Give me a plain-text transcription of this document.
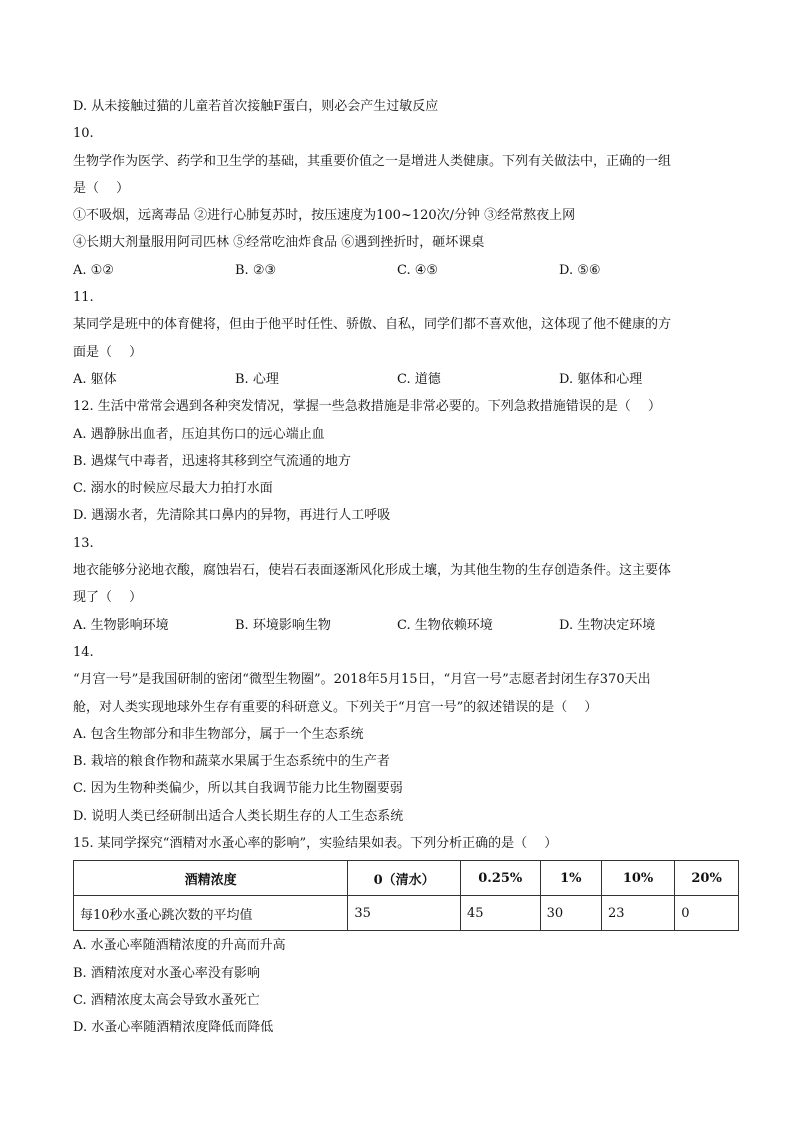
D. 从未接触过猫的儿童若首次接触F蛋白，则必会产生过敏反应
10.
生物学作为医学、药学和卫生学的基础，其重要价值之一是增进人类健康。下列有关做法中，正确的一组
是（　 ）
①不吸烟，远离毒品 ②进行心肺复苏时，按压速度为100~120次/分钟 ③经常熬夜上网
④长期大剂量服用阿司匹林 ⑤经常吃油炸食品 ⑥遇到挫折时，砸坏课桌
A. ①②	B. ②③	C. ④⑤	D. ⑤⑥
11.
某同学是班中的体育健将，但由于他平时任性、骄傲、自私，同学们都不喜欢他，这体现了他不健康的方
面是（　 ）
A. 躯体	B. 心理	C. 道德	D. 躯体和心理
12. 生活中常常会遇到各种突发情况，掌握一些急救措施是非常必要的。下列急救措施错误的是（　 ）
A. 遇静脉出血者，压迫其伤口的远心端止血
B. 遇煤气中毒者，迅速将其移到空气流通的地方
C. 溺水的时候应尽最大力拍打水面
D. 遇溺水者，先清除其口鼻内的异物，再进行人工呼吸
13.
地衣能够分泌地衣酸，腐蚀岩石，使岩石表面逐渐风化形成土壤，为其他生物的生存创造条件。这主要体
现了（　 ）
A. 生物影响环境	B. 环境影响生物	C. 生物依赖环境	D. 生物决定环境
14.
“月宫一号”是我国研制的密闭“微型生物圈”。2018年5月15日，“月宫一号”志愿者封闭生存370天出
舱，对人类实现地球外生存有重要的科研意义。下列关于“月宫一号”的叙述错误的是（　 ）
A. 包含生物部分和非生物部分，属于一个生态系统
B. 栽培的粮食作物和蔬菜水果属于生态系统中的生产者
C. 因为生物种类偏少，所以其自我调节能力比生物圈要弱
D. 说明人类已经研制出适合人类长期生存的人工生态系统
15. 某同学探究“酒精对水蚤心率的影响”，实验结果如表。下列分析正确的是（　 ）
酒精浓度	0（清水）	0.25%	1%	10%	20%
每10秒水蚤心跳次数的平均值	35	45	30	23	0
A. 水蚤心率随酒精浓度的升高而升高
B. 酒精浓度对水蚤心率没有影响
C. 酒精浓度太高会导致水蚤死亡
D. 水蚤心率随酒精浓度降低而降低
